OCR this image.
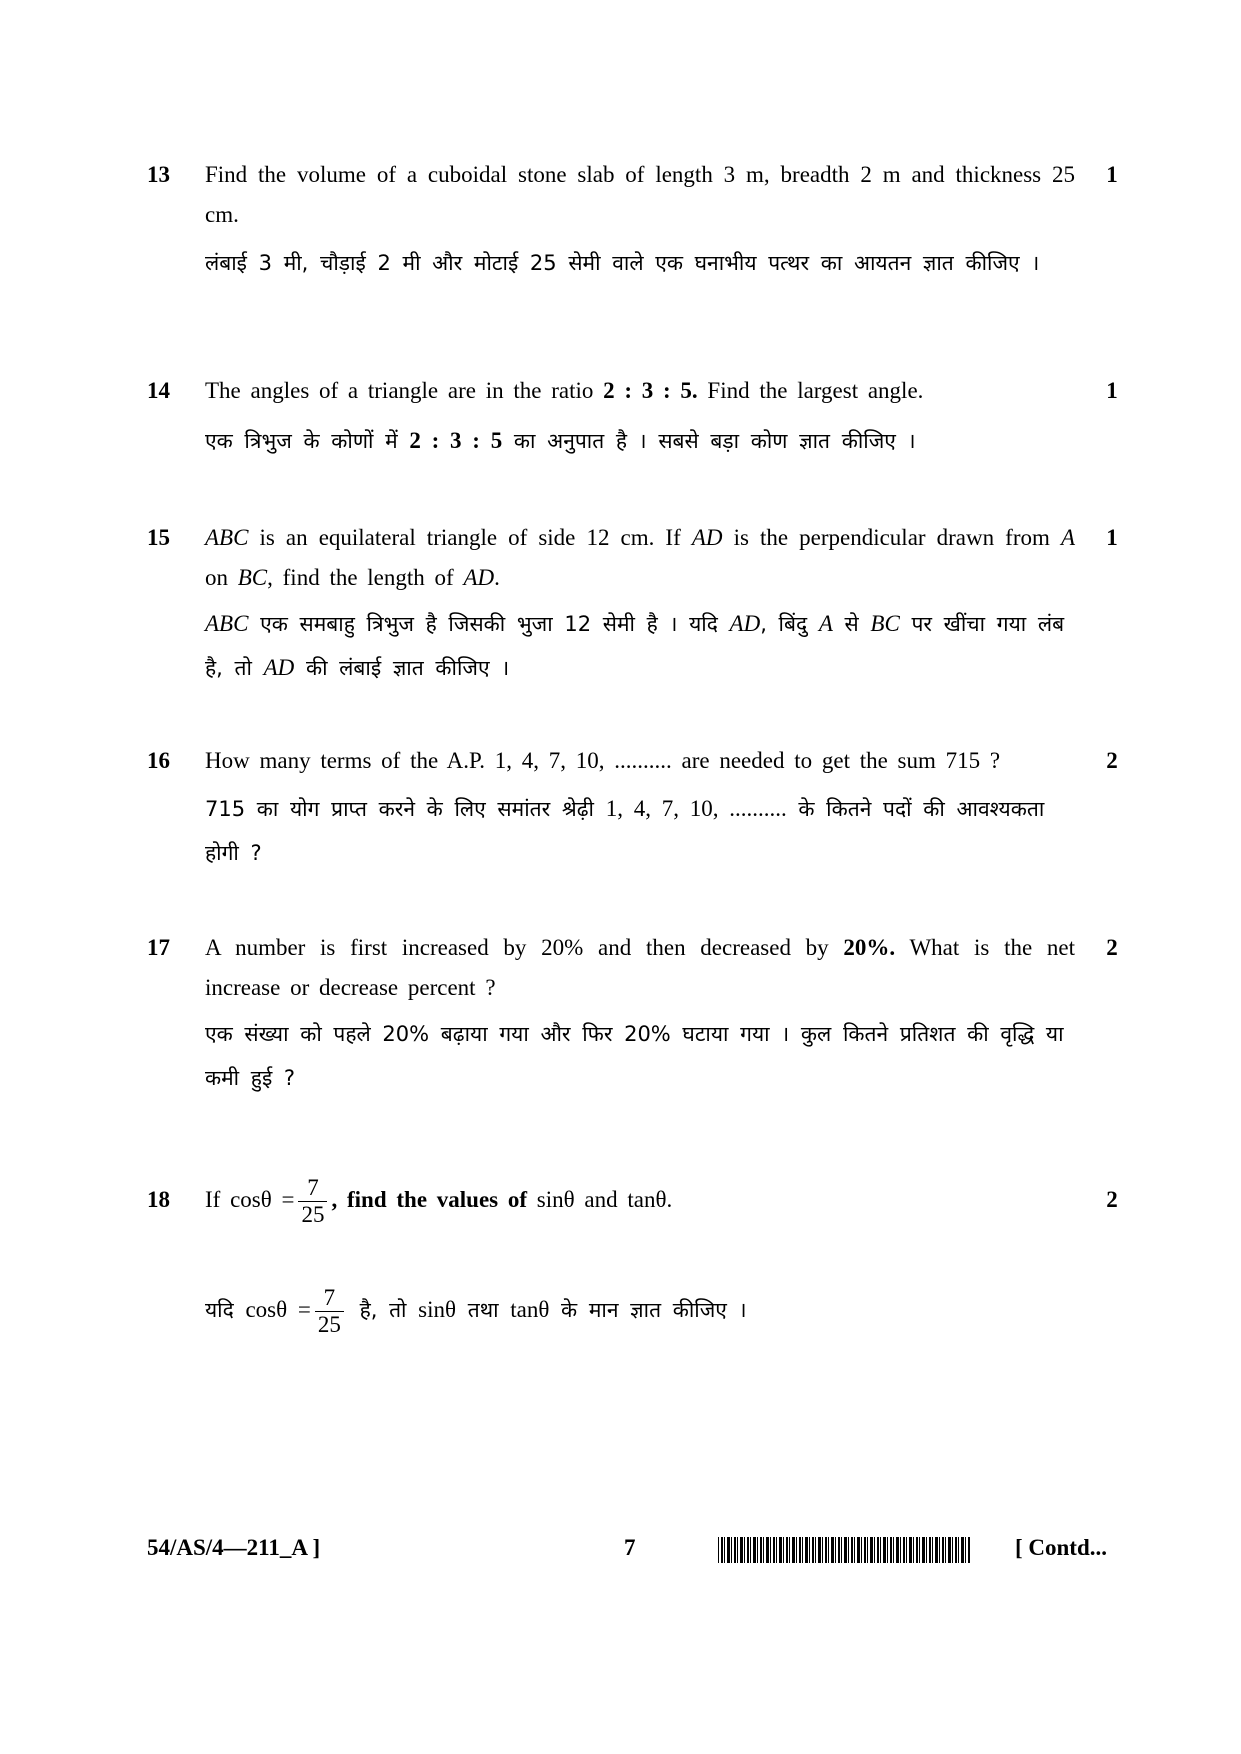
13 Find the volume of a cuboidal stone slab of length 3 m, breadth 2 m and thickness 25 cm.
1
लंबाई 3 मी, चौड़ाई 2 मी और मोटाई 25 सेमी वाले एक घनाभीय पत्थर का आयतन ज्ञात कीजिए ।
14 The angles of a triangle are in the ratio 2 : 3 : 5. Find the largest angle.	1
एक त्रिभुज के कोणों में 2 : 3 : 5 का अनुपात है । सबसे बड़ा कोण ज्ञात कीजिए ।
15 ABC is an equilateral triangle of side 12 cm. If AD is the perpendicular drawn from A on BC, find the length of AD.
1
ABC एक समबाहु त्रिभुज है जिसकी भुजा 12 सेमी है । यदि AD, बिंदु A से BC पर खींचा गया लंब है, तो AD की लंबाई ज्ञात कीजिए ।
16 How many terms of the A.P. 1, 4, 7, 10, .......... are needed to get the sum 715 ?	2
715 का योग प्राप्त करने के लिए समांतर श्रेढ़ी 1, 4, 7, 10, .......... के कितने पदों की आवश्यकता होगी ?
17 A number is first increased by 20% and then decreased by 20%. What is the net increase or decrease percent ?
2
एक संख्या को पहले 20% बढ़ाया गया और फिर 20% घटाया गया । कुल कितने प्रतिशत की वृद्धि या कमी हुई ?
18 If $\cos\theta = \frac{7}{25}$ , find the values of sinθ and tanθ.	2
यदि $\cos\theta = \frac{7}{25}$ है, तो sinθ तथा tanθ के मान ज्ञात कीजिए ।
54/AS/4—211_A ]	7	[ Contd...
